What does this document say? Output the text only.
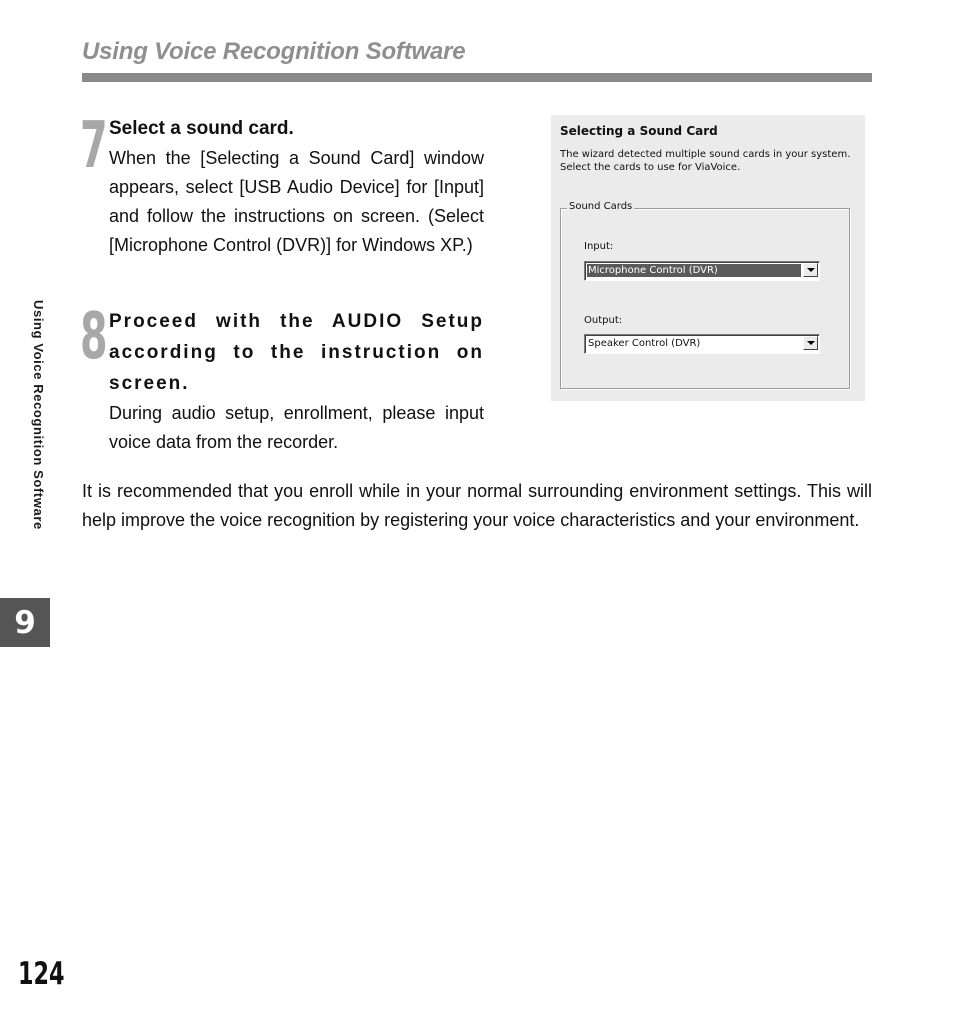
Using Voice Recognition Software
Using Voice Recognition Software
9
7 Select a sound card.
When the [Selecting a Sound Card] window appears, select [USB Audio Device] for [Input] and follow the instructions on screen. (Select [Microphone Control (DVR)] for Windows XP.)
8 Proceed with the AUDIO Setup according to the instruction on screen.
During audio setup, enrollment, please input voice data from the recorder.
Selecting a Sound Card
The wizard detected multiple sound cards in your system.
Select the cards to use for ViaVoice.
Sound Cards
Input:
Microphone Control (DVR)
Output:
Speaker Control (DVR)
It is recommended that you enroll while in your normal surrounding environment settings. This will help improve the voice recognition by registering your voice characteristics and your environment.
124
